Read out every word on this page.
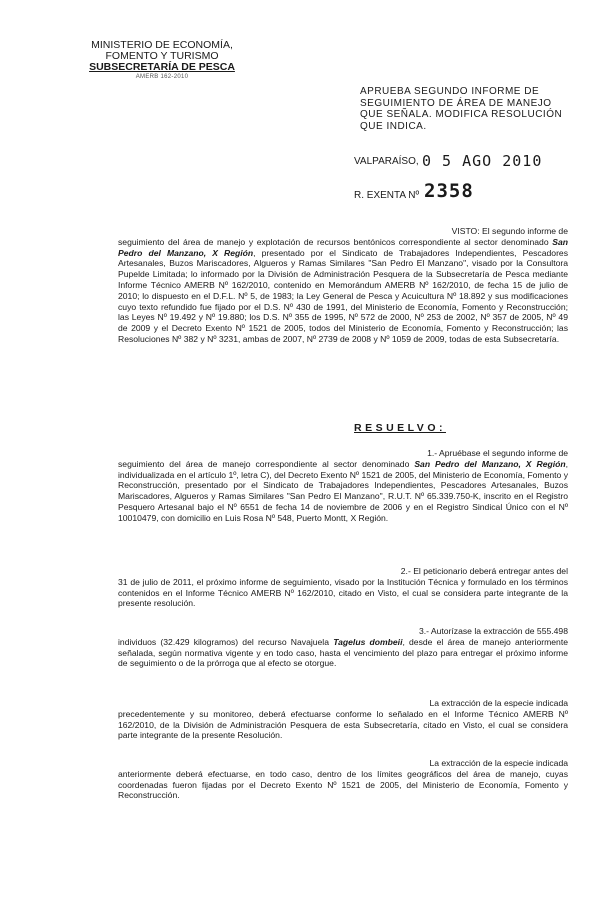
MINISTERIO DE ECONOMÍA,
FOMENTO Y TURISMO
SUBSECRETARÍA DE PESCA
AMERB 162-2010
APRUEBA SEGUNDO INFORME DE SEGUIMIENTO DE ÁREA DE MANEJO QUE SEÑALA. MODIFICA RESOLUCIÓN QUE INDICA.
VALPARAÍSO, 0 5 AGO 2010
R. EXENTA Nº 2358
VISTO: El segundo informe de
seguimiento del área de manejo y explotación de recursos bentónicos correspondiente al sector denominado San Pedro del Manzano, X Región, presentado por el Sindicato de Trabajadores Independientes, Pescadores Artesanales, Buzos Mariscadores, Algueros y Ramas Similares "San Pedro El Manzano", visado por la Consultora Pupelde Limitada; lo informado por la División de Administración Pesquera de la Subsecretaría de Pesca mediante Informe Técnico AMERB Nº 162/2010, contenido en Memorándum AMERB Nº 162/2010, de fecha 15 de julio de 2010; lo dispuesto en el D.F.L. Nº 5, de 1983; la Ley General de Pesca y Acuicultura Nº 18.892 y sus modificaciones cuyo texto refundido fue fijado por el D.S. Nº 430 de 1991, del Ministerio de Economía, Fomento y Reconstrucción; las Leyes Nº 19.492 y Nº 19.880; los D.S. Nº 355 de 1995, Nº 572 de 2000, Nº 253 de 2002, Nº 357 de 2005, Nº 49 de 2009 y el Decreto Exento Nº 1521 de 2005, todos del Ministerio de Economía, Fomento y Reconstrucción; las Resoluciones Nº 382 y Nº 3231, ambas de 2007, Nº 2739 de 2008 y Nº 1059 de 2009, todas de esta Subsecretaría.
RESUELVO:
1.- Apruébase el segundo informe de
seguimiento del área de manejo correspondiente al sector denominado San Pedro del Manzano, X Región, individualizada en el artículo 1º, letra C), del Decreto Exento Nº 1521 de 2005, del Ministerio de Economía, Fomento y Reconstrucción, presentado por el Sindicato de Trabajadores Independientes, Pescadores Artesanales, Buzos Mariscadores, Algueros y Ramas Similares "San Pedro El Manzano", R.U.T. Nº 65.339.750-K, inscrito en el Registro Pesquero Artesanal bajo el Nº 6551 de fecha 14 de noviembre de 2006 y en el Registro Sindical Único con el Nº 10010479, con domicilio en Luis Rosa Nº 548, Puerto Montt, X Región.
2.- El peticionario deberá entregar antes del
31 de julio de 2011, el próximo informe de seguimiento, visado por la Institución Técnica y formulado en los términos contenidos en el Informe Técnico AMERB Nº 162/2010, citado en Visto, el cual se considera parte integrante de la presente resolución.
3.- Autorízase la extracción de 555.498
individuos (32.429 kilogramos) del recurso Navajuela Tagelus dombeii, desde el área de manejo anteriormente señalada, según normativa vigente y en todo caso, hasta el vencimiento del plazo para entregar el próximo informe de seguimiento o de la prórroga que al efecto se otorgue.
La extracción de la especie indicada
precedentemente y su monitoreo, deberá efectuarse conforme lo señalado en el Informe Técnico AMERB Nº 162/2010, de la División de Administración Pesquera de esta Subsecretaría, citado en Visto, el cual se considera parte integrante de la presente Resolución.
La extracción de la especie indicada
anteriormente deberá efectuarse, en todo caso, dentro de los límites geográficos del área de manejo, cuyas coordenadas fueron fijadas por el Decreto Exento Nº 1521 de 2005, del Ministerio de Economía, Fomento y Reconstrucción.
